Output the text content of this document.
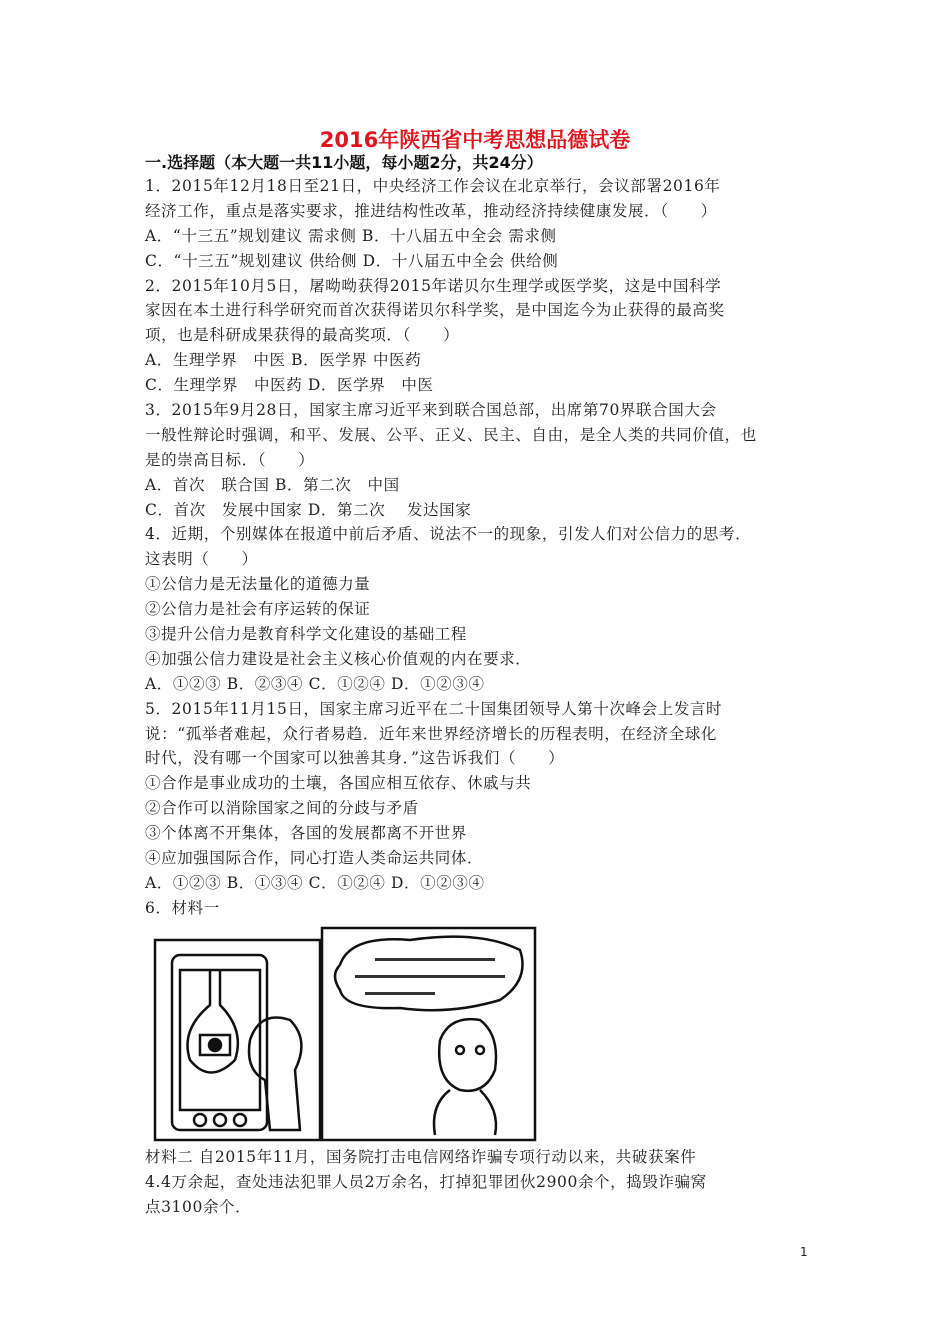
2016年陕西省中考思想品德试卷
一.选择题（本大题一共11小题，每小题2分，共24分）
1．2015年12月18日至21日，中央经济工作会议在北京举行，会议部署2016年
经济工作，重点是落实要求，推进结构性改革，推动经济持续健康发展．（　　）
A．“十三五”规划建议 需求侧 B．十八届五中全会 需求侧
C．“十三五”规划建议 供给侧 D．十八届五中全会 供给侧
2．2015年10月5日，屠呦呦获得2015年诺贝尔生理学或医学奖，这是中国科学
家因在本土进行科学研究而首次获得诺贝尔科学奖，是中国迄今为止获得的最高奖
项，也是科研成果获得的最高奖项．（　　）
A．生理学界　中医 B．医学界 中医药
C．生理学界　中医药 D．医学界　中医
3．2015年9月28日，国家主席习近平来到联合国总部，出席第70界联合国大会
一般性辩论时强调，和平、发展、公平、正义、民主、自由，是全人类的共同价值，也
是的崇高目标．（　　）
A．首次　联合国 B．第二次　中国
C．首次　发展中国家 D．第二次　 发达国家
4．近期，个别媒体在报道中前后矛盾、说法不一的现象，引发人们对公信力的思考．
这表明（　　）
①公信力是无法量化的道德力量
②公信力是社会有序运转的保证
③提升公信力是教育科学文化建设的基础工程
④加强公信力建设是社会主义核心价值观的内在要求．
A．①②③ B．②③④ C．①②④ D．①②③④
5．2015年11月15日，国家主席习近平在二十国集团领导人第十次峰会上发言时
说：“孤举者难起，众行者易趋．近年来世界经济增长的历程表明，在经济全球化
时代，没有哪一个国家可以独善其身．”这告诉我们（　　）
①合作是事业成功的土壤，各国应相互依存、休戚与共
②合作可以消除国家之间的分歧与矛盾
③个体离不开集体，各国的发展都离不开世界
④应加强国际合作，同心打造人类命运共同体．
A．①②③ B．①③④ C．①②④ D．①②③④
6．材料一
材料二 自2015年11月，国务院打击电信网络诈骗专项行动以来，共破获案件
4.4万余起，查处违法犯罪人员2万余名，打掉犯罪团伙2900余个，捣毁诈骗窝
点3100余个．
1
